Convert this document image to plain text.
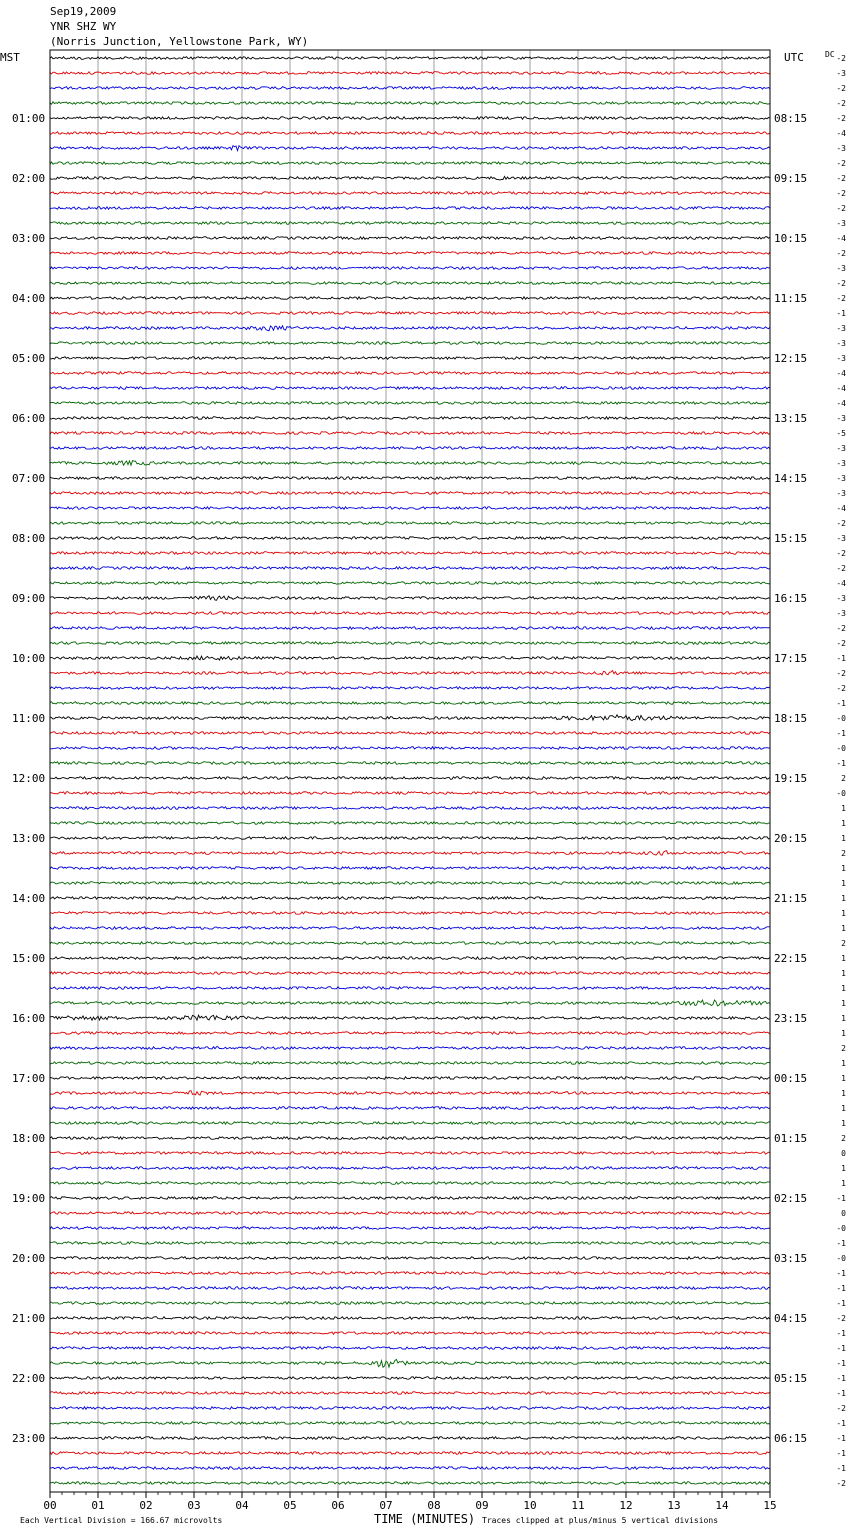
Sep19,2009
YNR SHZ WY
(Norris Junction, Yellowstone Park, WY)
MST	UTC	DC
TIME (MINUTES)
Each Vertical Division = 166.67 microvolts	Traces clipped at plus/minus 5 vertical divisions
01:00
02:00
03:00
04:00
05:00
06:00
07:00
08:00
09:00
10:00
11:00
12:00
13:00
14:00
15:00
16:00
17:00
18:00
19:00
20:00
21:00
22:00
23:00
08:15
09:15
10:15
11:15
12:15
13:15
14:15
15:15
16:15
17:15
18:15
19:15
20:15
21:15
22:15
23:15
00:15
01:15
02:15
03:15
04:15
05:15
06:15
-2
-3
-2
-2
-2
-4
-3
-2
-2
-2
-2
-3
-4
-2
-3
-2
-2
-1
-3
-3
-3
-4
-4
-4
-3
-5
-3
-3
-3
-3
-4
-2
-3
-2
-2
-4
-3
-3
-2
-2
-1
-2
-2
-1
-0
-1
-0
-1
2
-0
1
1
1
2
1
1
1
1
1
2
1
1
1
1
1
1
2
1
1
1
1
1
2
0
1
1
-1
0
-0
-1
-0
-1
-1
-1
-2
-1
-1
-1
-1
-1
-2
-1
-1
-1
-1
-2
00	01	02	03	04	05	06	07	08	09	10	11	12	13	14	15
